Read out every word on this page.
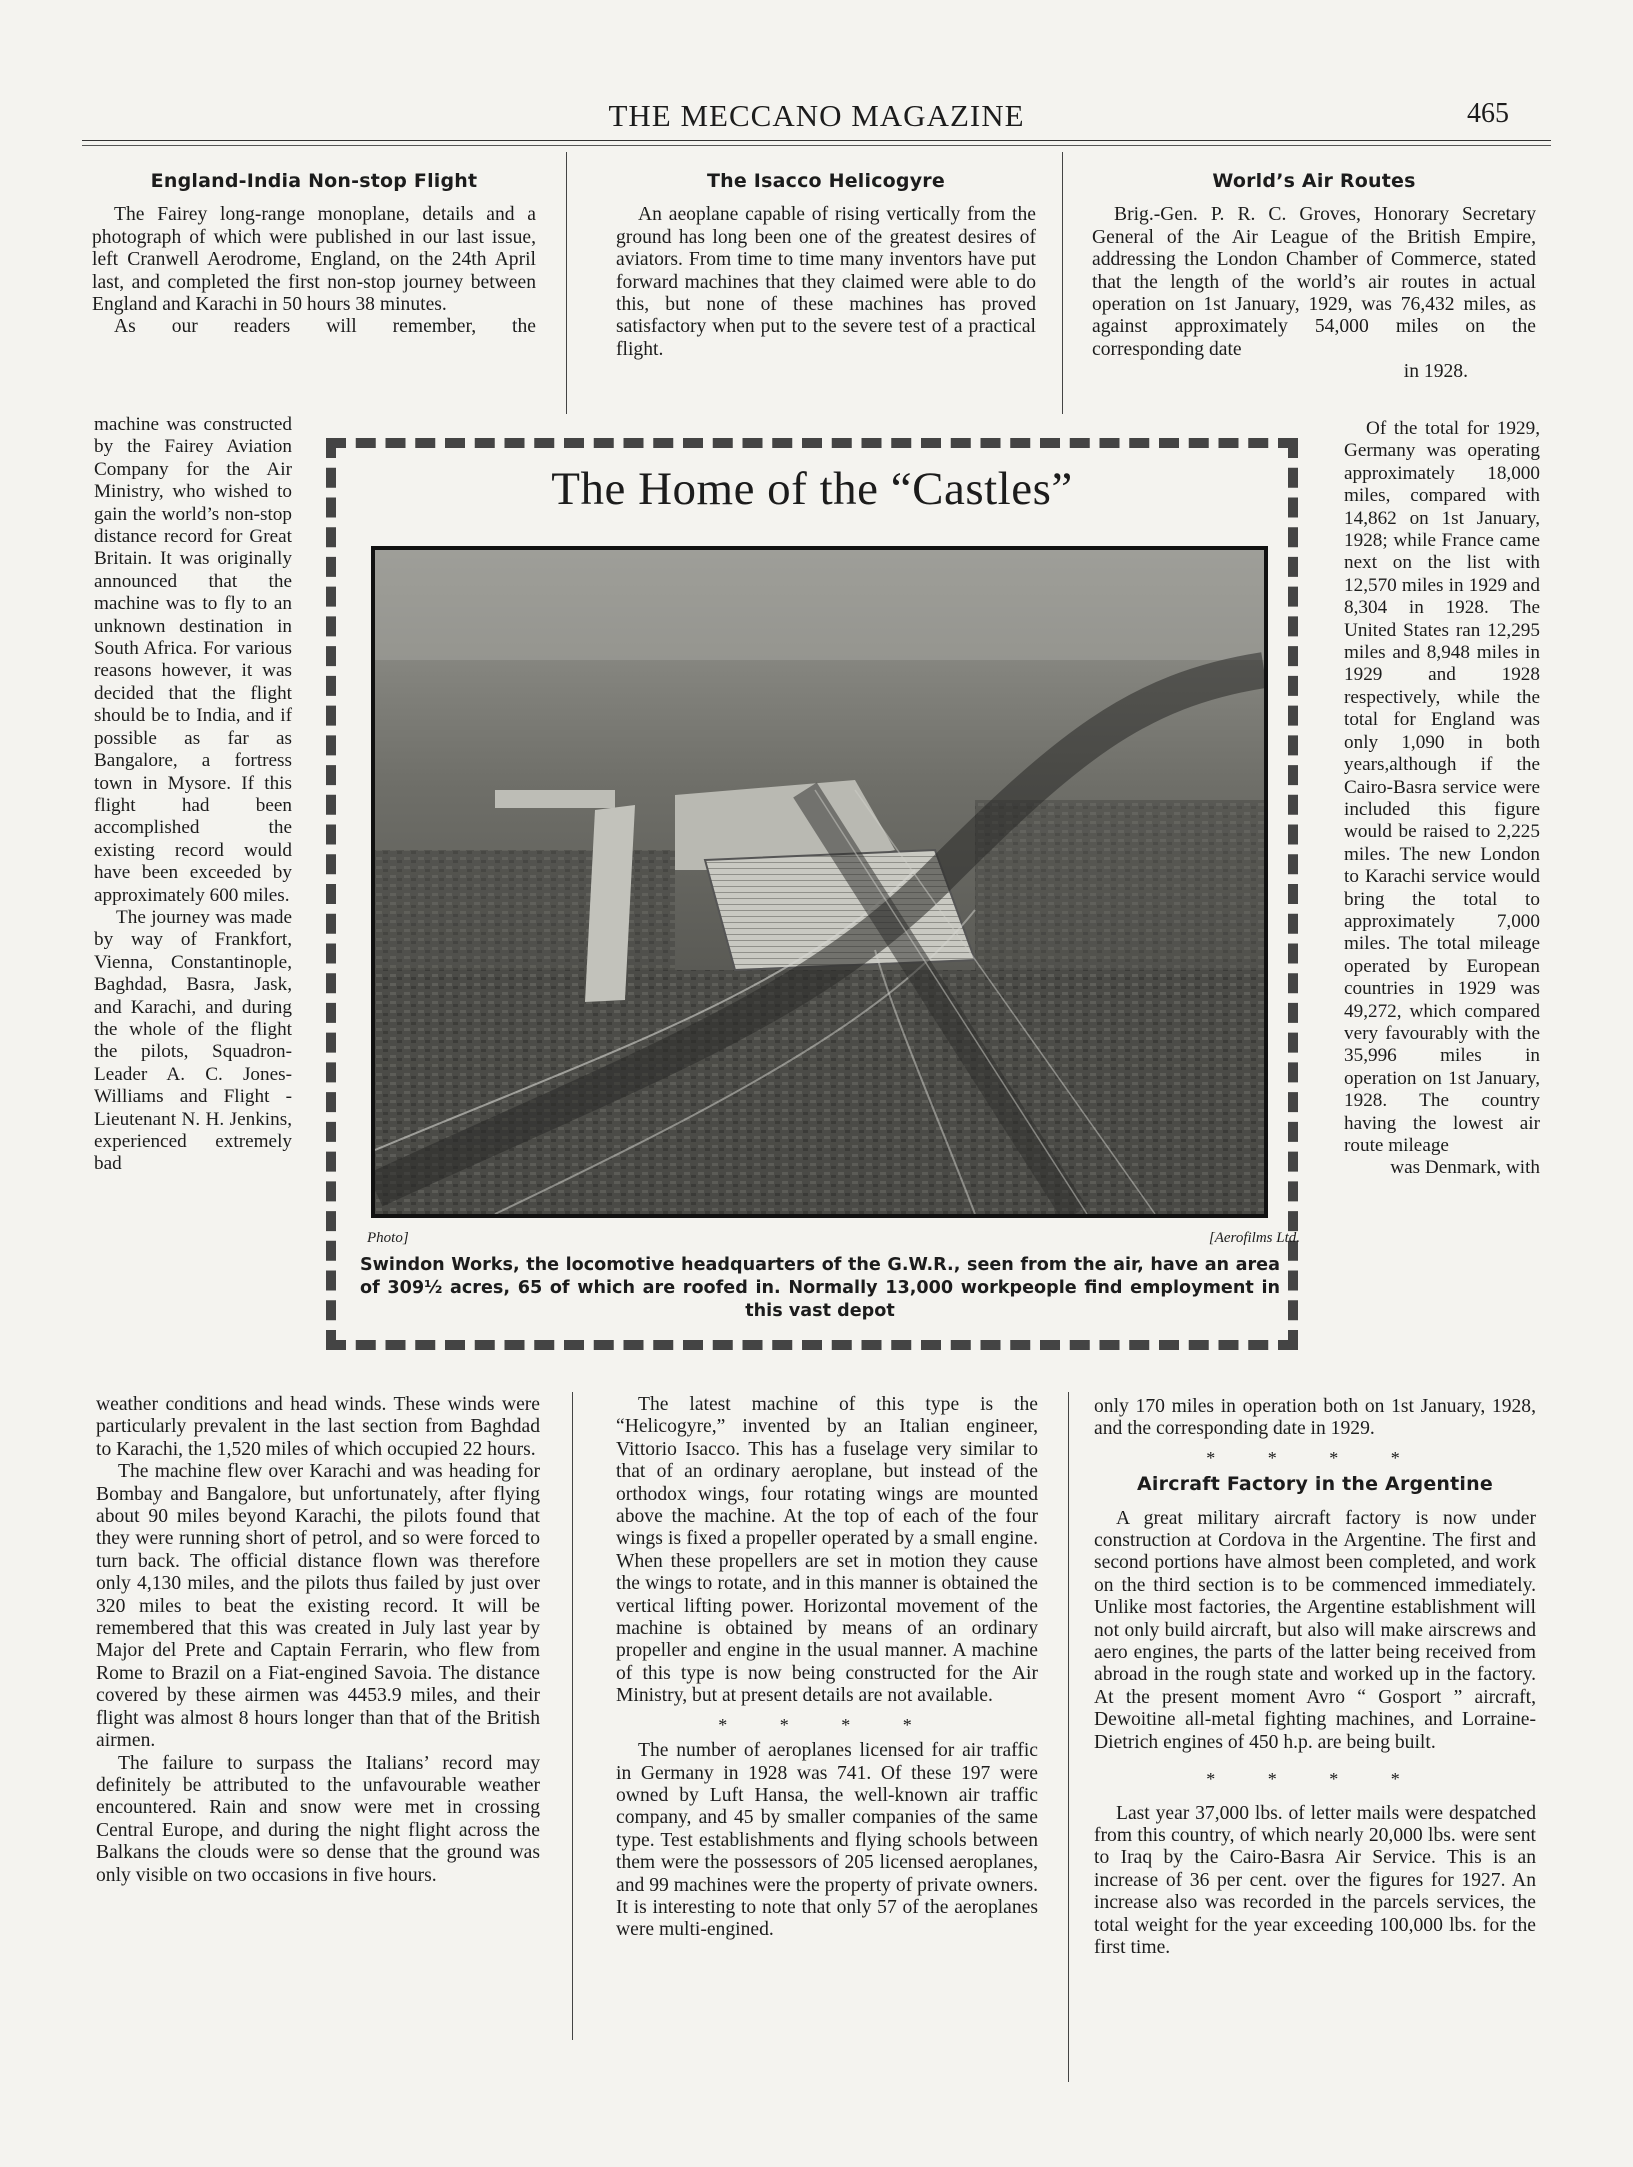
THE MECCANO MAGAZINE	465
England-India Non-stop Flight

The Fairey long-range monoplane, details and a photograph of which were published in our last issue, left Cranwell Aerodrome, England, on the 24th April last, and completed the first non-stop journey between England and Karachi in 50 hours 38 minutes.

As our readers will remember, the

machine was constructed by the Fairey Aviation Company for the Air Ministry, who wished to gain the world’s non-stop distance record for Great Britain. It was originally announced that the machine was to fly to an unknown destination in South Africa. For various reasons however, it was decided that the flight should be to India, and if possible as far as Bangalore, a fortress town in Mysore. If this flight had been accomplished the existing record would have been exceeded by approximately 600 miles.

The journey was made by way of Frankfort, Vienna, Constantinople, Baghdad, Basra, Jask, and Karachi, and during the whole of the flight the pilots, Squadron-Leader A. C. Jones-Williams and Flight - Lieutenant N. H. Jenkins, experienced extremely bad

weather conditions and head winds. These winds were particularly prevalent in the last section from Baghdad to Karachi, the 1,520 miles of which occupied 22 hours.

The machine flew over Karachi and was heading for Bombay and Bangalore, but unfortunately, after flying about 90 miles beyond Karachi, the pilots found that they were running short of petrol, and so were forced to turn back. The official distance flown was therefore only 4,130 miles, and the pilots thus failed by just over 320 miles to beat the existing record. It will be remembered that this was created in July last year by Major del Prete and Captain Ferrarin, who flew from Rome to Brazil on a Fiat-engined Savoia. The distance covered by these airmen was 4453.9 miles, and their flight was almost 8 hours longer than that of the British airmen.

The failure to surpass the Italians’ record may definitely be attributed to the unfavourable weather encountered. Rain and snow were met in crossing Central Europe, and during the night flight across the Balkans the clouds were so dense that the ground was only visible on two occasions in five hours.

The Isacco Helicogyre

An aeoplane capable of rising vertically from the ground has long been one of the greatest desires of aviators. From time to time many inventors have put forward machines that they claimed were able to do this, but none of these machines has proved satisfactory when put to the severe test of a practical flight.

The latest machine of this type is the “Helicogyre,” invented by an Italian engineer, Vittorio Isacco. This has a fuselage very similar to that of an ordinary aeroplane, but instead of the orthodox wings, four rotating wings are mounted above the machine. At the top of each of the four wings is fixed a propeller operated by a small engine. When these propellers are set in motion they cause the wings to rotate, and in this manner is obtained the vertical lifting power. Horizontal movement of the machine is obtained by means of an ordinary propeller and engine in the usual manner. A machine of this type is now being constructed for the Air Ministry, but at present details are not available.

* * * *

The number of aeroplanes licensed for air traffic in Germany in 1928 was 741. Of these 197 were owned by Luft Hansa, the well-known air traffic company, and 45 by smaller companies of the same type. Test establishments and flying schools between them were the possessors of 205 licensed aeroplanes, and 99 machines were the property of private owners. It is interesting to note that only 57 of the aeroplanes were multi-engined.

World’s Air Routes

Brig.-Gen. P. R. C. Groves, Honorary Secretary General of the Air League of the British Empire, addressing the London Chamber of Commerce, stated that the length of the world’s air routes in actual operation on 1st January, 1929, was 76,432 miles, as against approximately 54,000 miles on the corresponding date

in 1928.

Of the total for 1929, Germany was operating approximately 18,000 miles, compared with 14,862 on 1st January, 1928; while France came next on the list with 12,570 miles in 1929 and 8,304 in 1928. The United States ran 12,295 miles and 8,948 miles in 1929 and 1928 respectively, while the total for England was only 1,090 in both years,although if the Cairo-Basra service were included this figure would be raised to 2,225 miles. The new London to Karachi service would bring the total to approximately 7,000 miles. The total mileage operated by European countries in 1929 was 49,272, which compared very favourably with the 35,996 miles in operation on 1st January, 1928. The country having the lowest air route mileage

was Denmark, with
only 170 miles in operation both on 1st January, 1928, and the corresponding date in 1929.
* * * *
Aircraft Factory in the Argentine

A great military aircraft factory is now under construction at Cordova in the Argentine. The first and second portions have almost been completed, and work on the third section is to be commenced immediately. Unlike most factories, the Argentine establishment will not only build aircraft, but also will make airscrews and aero engines, the parts of the latter being received from abroad in the rough state and worked up in the factory. At the present moment Avro “ Gosport ” aircraft, Dewoitine all-metal fighting machines, and Lorraine-Dietrich engines of 450 h.p. are being built.

* * * *

Last year 37,000 lbs. of letter mails were despatched from this country, of which nearly 20,000 lbs. were sent to Iraq by the Cairo-Basra Air Service. This is an increase of 36 per cent. over the figures for 1927. An increase also was recorded in the parcels services, the total weight for the year exceeding 100,000 lbs. for the first time.

The Home of the “Castles”
Photo]	[Aerofilms Ltd.
Swindon Works, the locomotive headquarters of the G.W.R., seen from the air, have an area of 309½ acres, 65 of which are roofed in. Normally 13,000 workpeople find employment in this vast depot
